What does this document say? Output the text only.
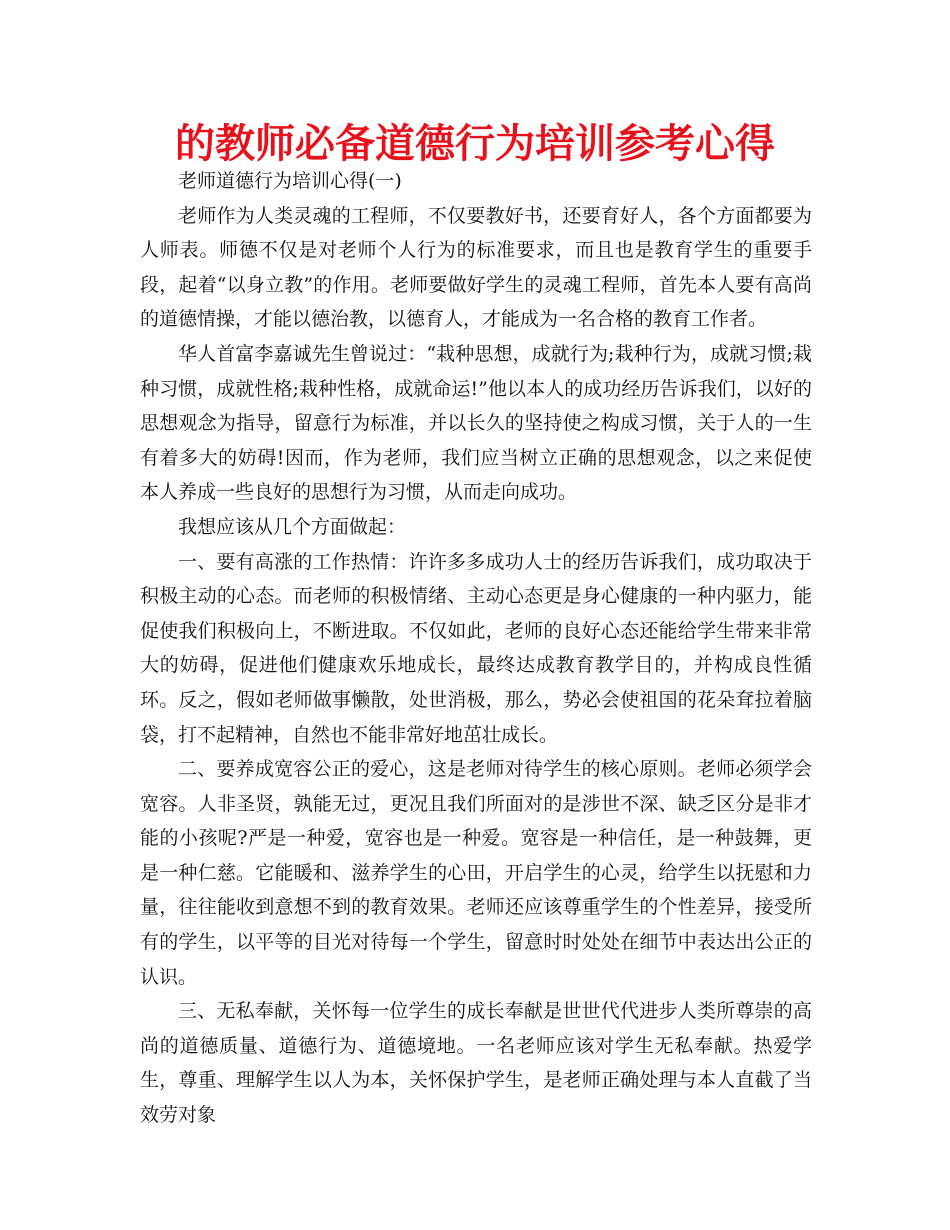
的教师必备道德行为培训参考心得

老师道德行为培训心得(一)

老师作为人类灵魂的工程师，不仅要教好书，还要育好人，各个方面都要为人师表。师德不仅是对老师个人行为的标准要求，而且也是教育学生的重要手段，起着“以身立教”的作用。老师要做好学生的灵魂工程师，首先本人要有高尚的道德情操，才能以德治教，以德育人，才能成为一名合格的教育工作者。

华人首富李嘉诚先生曾说过：“栽种思想，成就行为;栽种行为，成就习惯;栽种习惯，成就性格;栽种性格，成就命运!”他以本人的成功经历告诉我们，以好的思想观念为指导，留意行为标准，并以长久的坚持使之构成习惯，关于人的一生有着多大的妨碍!因而，作为老师，我们应当树立正确的思想观念，以之来促使本人养成一些良好的思想行为习惯，从而走向成功。

我想应该从几个方面做起：

一、要有高涨的工作热情：许许多多成功人士的经历告诉我们，成功取决于积极主动的心态。而老师的积极情绪、主动心态更是身心健康的一种内驱力，能促使我们积极向上，不断进取。不仅如此，老师的良好心态还能给学生带来非常大的妨碍，促进他们健康欢乐地成长，最终达成教育教学目的，并构成良性循环。反之，假如老师做事懒散，处世消极，那么，势必会使祖国的花朵耷拉着脑袋，打不起精神，自然也不能非常好地茁壮成长。

二、要养成宽容公正的爱心，这是老师对待学生的核心原则。老师必须学会宽容。人非圣贤，孰能无过，更况且我们所面对的是涉世不深、缺乏区分是非才能的小孩呢?严是一种爱，宽容也是一种爱。宽容是一种信任，是一种鼓舞，更是一种仁慈。它能暖和、滋养学生的心田，开启学生的心灵，给学生以抚慰和力量，往往能收到意想不到的教育效果。老师还应该尊重学生的个性差异，接受所有的学生，以平等的目光对待每一个学生，留意时时处处在细节中表达出公正的认识。

三、无私奉献，关怀每一位学生的成长奉献是世世代代进步人类所尊崇的高尚的道德质量、道德行为、道德境地。一名老师应该对学生无私奉献。热爱学生，尊重、理解学生以人为本，关怀保护学生，是老师正确处理与本人直截了当效劳对象
